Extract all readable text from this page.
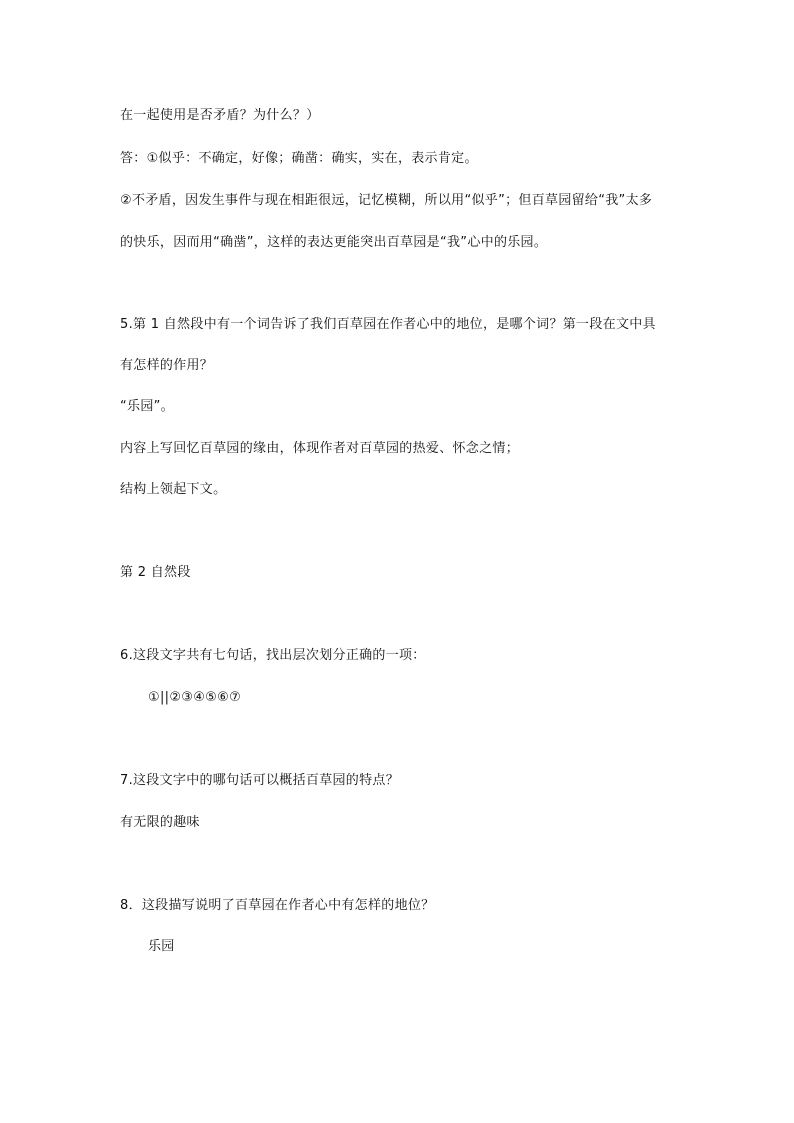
在一起使用是否矛盾？为什么？）
答：①似乎：不确定，好像；确凿：确实，实在，表示肯定。
②不矛盾，因发生事件与现在相距很远，记忆模糊，所以用“似乎”；但百草园留给“我”太多
的快乐，因而用“确凿”，这样的表达更能突出百草园是“我”心中的乐园。
5.第 1 自然段中有一个词告诉了我们百草园在作者心中的地位，是哪个词？第一段在文中具
有怎样的作用？
“乐园”。
内容上写回忆百草园的缘由，体现作者对百草园的热爱、怀念之情；
结构上领起下文。
第 2 自然段
6.这段文字共有七句话，找出层次划分正确的一项：
①||②③④⑤⑥⑦
7.这段文字中的哪句话可以概括百草园的特点？
有无限的趣味
8．这段描写说明了百草园在作者心中有怎样的地位？
乐园
